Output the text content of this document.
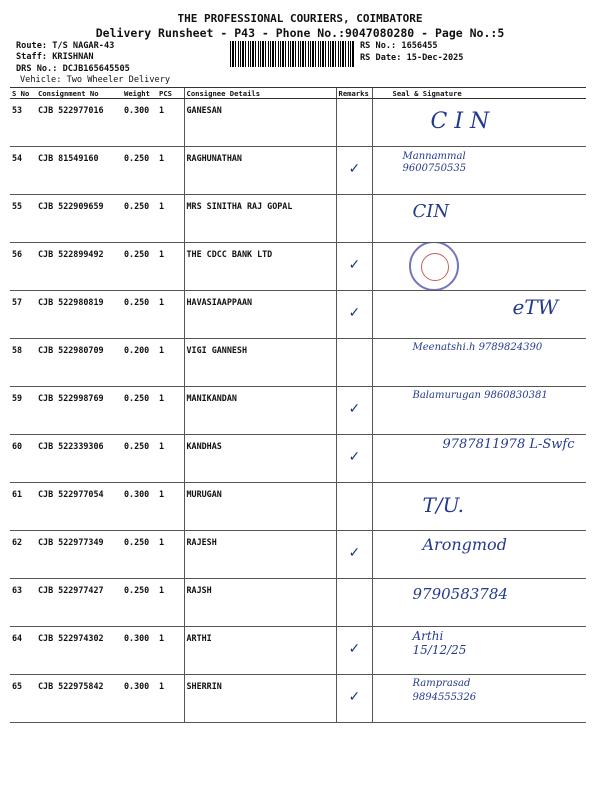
THE PROFESSIONAL COURIERS, COIMBATORE
Delivery Runsheet - P43 - Phone No.:9047080280 - Page No.:5
Route: T/S NAGAR-43
Staff: KRISHNAN
DRS No.: DCJB165645505
Vehicle: Two Wheeler Delivery
RS No.: 1656455
RS Date: 15-Dec-2025
S No	Consignment No	Weight	PCS	Consignee Details	Remarks	Seal & Signature
53	CJB 522977016	0.300	1	GANESAN		C I N

54	CJB 81549160	0.250	1	RAGHUNATHAN	✓	Mannammal 9600750535

55	CJB 522909659	0.250	1	MRS SINITHA RAJ GOPAL		CIN

56	CJB 522899492	0.250	1	THE CDCC BANK LTD	✓	

57	CJB 522980819	0.250	1	HAVASIAAPPAAN	✓	eTW

58	CJB 522980709	0.200	1	VIGI GANNESH		Meenatshi.h 9789824390

59	CJB 522998769	0.250	1	MANIKANDAN	✓	Balamurugan 9860830381

60	CJB 522339306	0.250	1	KANDHAS	✓	9787811978 L-Swfc

61	CJB 522977054	0.300	1	MURUGAN		T/U.

62	CJB 522977349	0.250	1	RAJESH	✓	Arongmod

63	CJB 522977427	0.250	1	RAJSH		9790583784

64	CJB 522974302	0.300	1	ARTHI	✓	Arthi 15/12/25

65	CJB 522975842	0.300	1	SHERRIN	✓	Ramprasad 9894555326
